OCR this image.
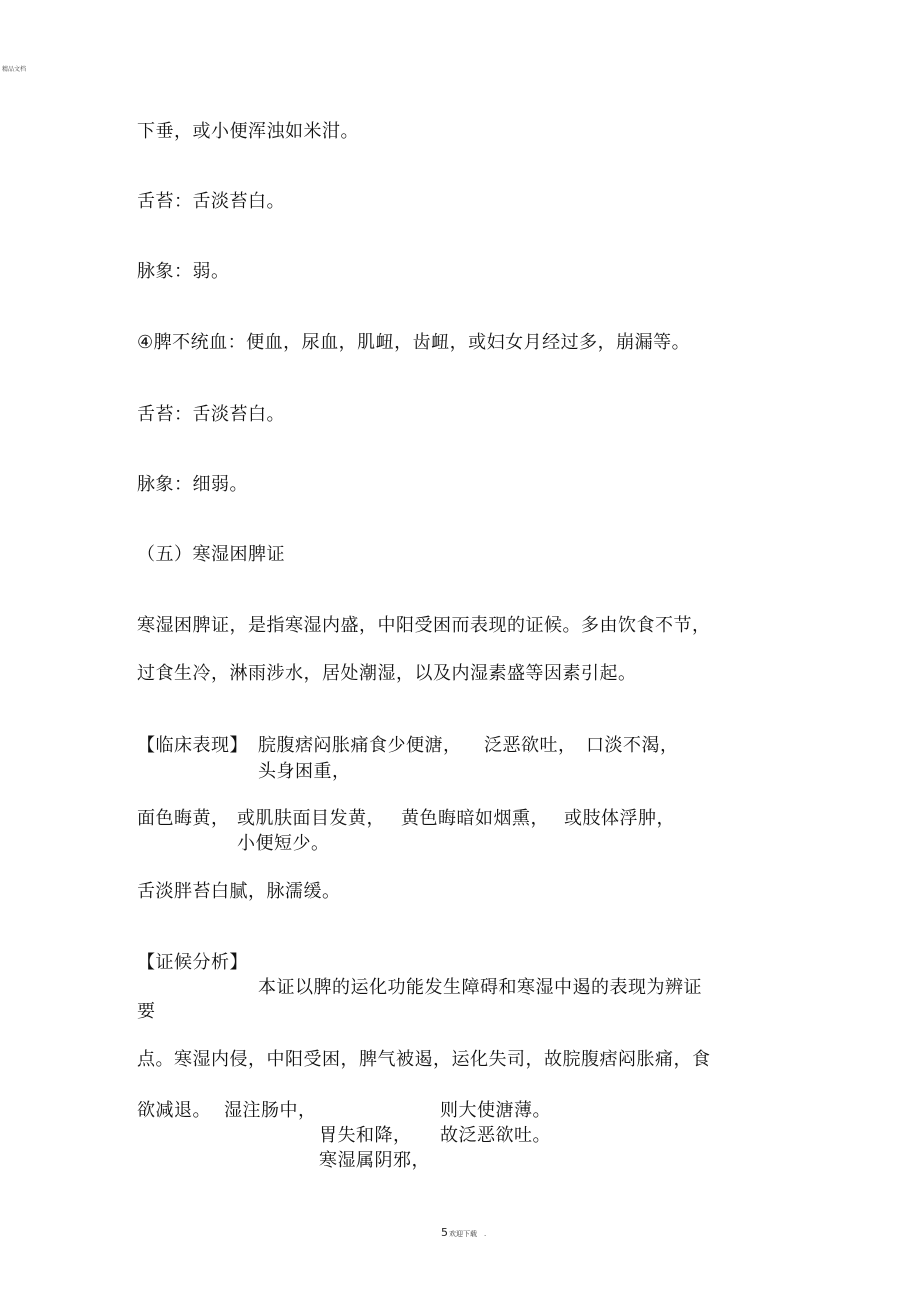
精品文档
下垂，或小便浑浊如米泔。
舌苔：舌淡苔白。
脉象：弱。
④脾不统血：便血，尿血，肌衄，齿衄，或妇女月经过多，崩漏等。
舌苔：舌淡苔白。
脉象：细弱。
（五）寒湿困脾证
寒湿困脾证，是指寒湿内盛，中阳受困而表现的证候。多由饮食不节，
过食生冷，淋雨涉水，居处潮湿，以及内湿素盛等因素引起。
【临床表现】 脘腹痞闷胀痛食少便溏， 泛恶欲吐， 口淡不渴，
头身困重，
面色晦黄， 或肌肤面目发黄， 黄色晦暗如烟熏， 或肢体浮肿，
小便短少。
舌淡胖苔白腻，脉濡缓。
【证候分析】
本证以脾的运化功能发生障碍和寒湿中遏的表现为辨证
要
点。寒湿内侵，中阳受困，脾气被遏，运化失司，故脘腹痞闷胀痛，食
欲减退。 湿注肠中，	则大使溏薄。
胃失和降， 故泛恶欲吐。
寒湿属阴邪，
5 欢迎下载 .
